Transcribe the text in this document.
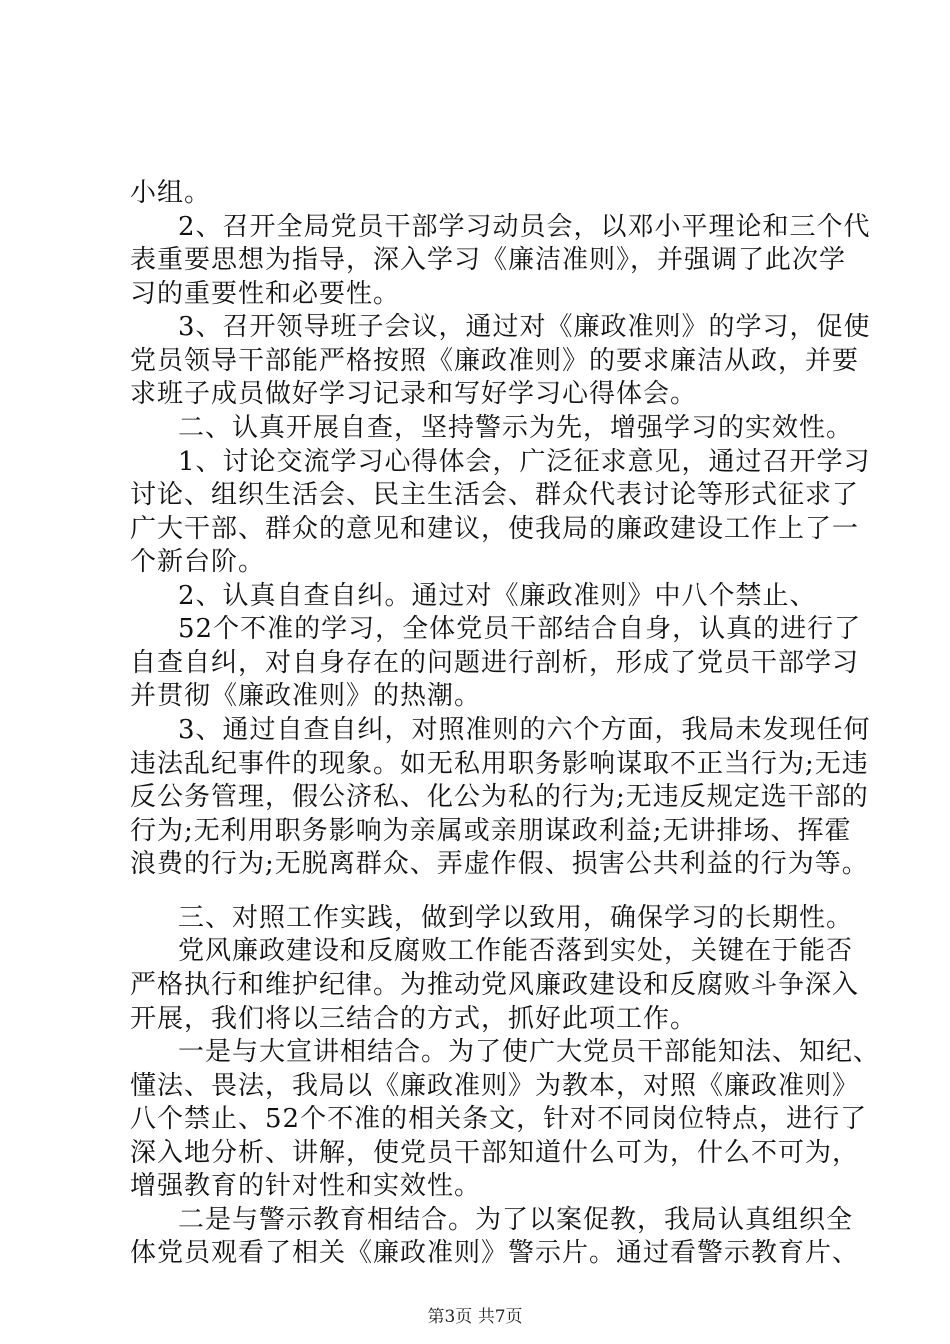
小组。
2、召开全局党员干部学习动员会，以邓小平理论和三个代
表重要思想为指导，深入学习《廉洁准则》，并强调了此次学
习的重要性和必要性。
3、召开领导班子会议，通过对《廉政准则》的学习，促使
党员领导干部能严格按照《廉政准则》的要求廉洁从政，并要
求班子成员做好学习记录和写好学习心得体会。
二、认真开展自查，坚持警示为先，增强学习的实效性。
1、讨论交流学习心得体会，广泛征求意见，通过召开学习
讨论、组织生活会、民主生活会、群众代表讨论等形式征求了
广大干部、群众的意见和建议，使我局的廉政建设工作上了一
个新台阶。
2、认真自查自纠。通过对《廉政准则》中八个禁止、
52个不准的学习，全体党员干部结合自身，认真的进行了
自查自纠，对自身存在的问题进行剖析，形成了党员干部学习
并贯彻《廉政准则》的热潮。
3、通过自查自纠，对照准则的六个方面，我局未发现任何
违法乱纪事件的现象。如无私用职务影响谋取不正当行为;无违
反公务管理，假公济私、化公为私的行为;无违反规定选干部的
行为;无利用职务影响为亲属或亲朋谋政利益;无讲排场、挥霍
浪费的行为;无脱离群众、弄虚作假、损害公共利益的行为等。
三、对照工作实践，做到学以致用，确保学习的长期性。
党风廉政建设和反腐败工作能否落到实处，关键在于能否
严格执行和维护纪律。为推动党风廉政建设和反腐败斗争深入
开展，我们将以三结合的方式，抓好此项工作。
一是与大宣讲相结合。为了使广大党员干部能知法、知纪、
懂法、畏法，我局以《廉政准则》为教本，对照《廉政准则》
八个禁止、52个不准的相关条文，针对不同岗位特点，进行了
深入地分析、讲解，使党员干部知道什么可为，什么不可为，
增强教育的针对性和实效性。
二是与警示教育相结合。为了以案促教，我局认真组织全
体党员观看了相关《廉政准则》警示片。通过看警示教育片、
第3页 共7页
